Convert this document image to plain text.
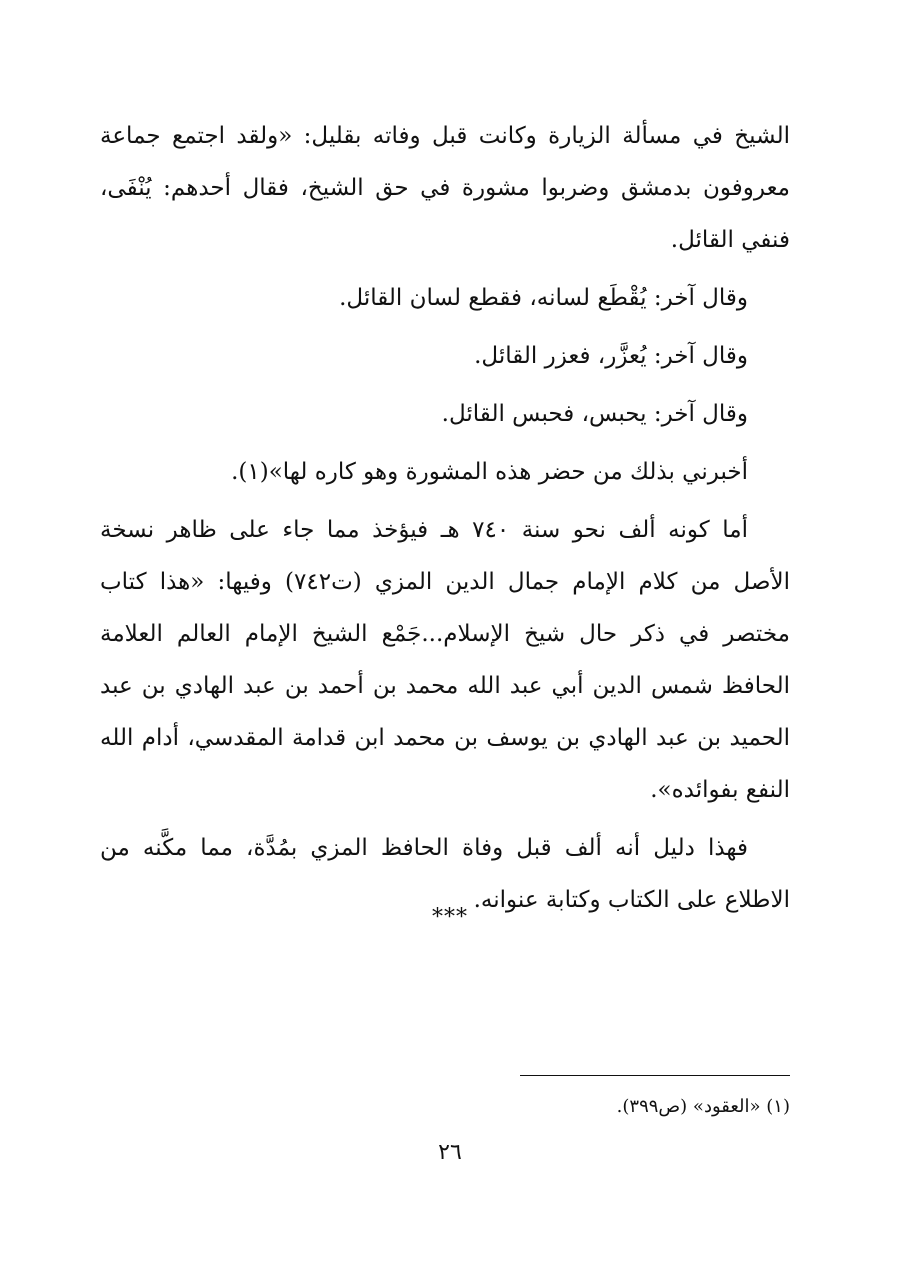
الشيخ في مسألة الزيارة وكانت قبل وفاته بقليل: «ولقد اجتمع جماعة معروفون بدمشق وضربوا مشورة في حق الشيخ، فقال أحدهم: يُنْفَى، فنفي القائل.

وقال آخر: يُقْطَع لسانه، فقطع لسان القائل.

وقال آخر: يُعزَّر، فعزر القائل.

وقال آخر: يحبس، فحبس القائل.

أخبرني بذلك من حضر هذه المشورة وهو كاره لها»(١).

أما كونه ألف نحو سنة ٧٤٠ هـ فيؤخذ مما جاء على ظاهر نسخة الأصل من كلام الإمام جمال الدين المزي (ت٧٤٢) وفيها: «هذا كتاب مختصر في ذكر حال شيخ الإسلام...جَمْع الشيخ الإمام العالم العلامة الحافظ شمس الدين أبي عبد الله محمد بن أحمد بن عبد الهادي بن عبد الحميد بن عبد الهادي بن يوسف بن محمد ابن قدامة المقدسي، أدام الله النفع بفوائده».

فهذا دليل أنه ألف قبل وفاة الحافظ المزي بمُدَّة، مما مكَّنه من الاطلاع على الكتاب وكتابة عنوانه.

***
(١) «العقود» (ص٣٩٩).
٢٦
